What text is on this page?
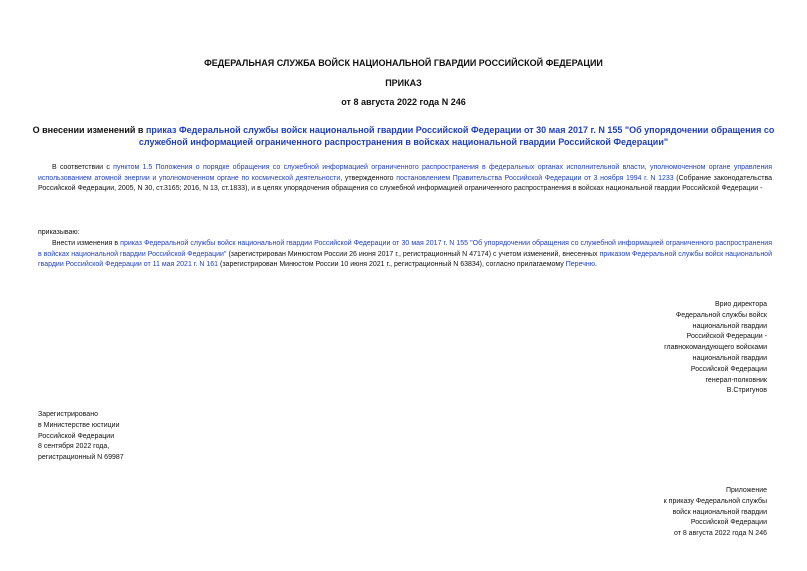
ФЕДЕРАЛЬНАЯ СЛУЖБА ВОЙСК НАЦИОНАЛЬНОЙ ГВАРДИИ РОССИЙСКОЙ ФЕДЕРАЦИИ
ПРИКАЗ
от 8 августа 2022 года N 246
О внесении изменений в приказ Федеральной службы войск национальной гвардии Российской Федерации от 30 мая 2017 г. N 155 "Об упорядочении обращения со служебной информацией ограниченного распространения в войсках национальной гвардии Российской Федерации"
В соответствии с пунктом 1.5 Положения о порядке обращения со служебной информацией ограниченного распространения в федеральных органах исполнительной власти, уполномоченном органе управления использованием атомной энергии и уполномоченном органе по космической деятельности, утвержденного постановлением Правительства Российской Федерации от 3 ноября 1994 г. N 1233 (Собрание законодательства Российской Федерации, 2005, N 30, ст.3165; 2016, N 13, ст.1833), и в целях упорядочения обращения со служебной информацией ограниченного распространения в войсках национальной гвардии Российской Федерации -
приказываю:
Внести изменения в приказ Федеральной службы войск национальной гвардии Российской Федерации от 30 мая 2017 г. N 155 "Об упорядочении обращения со служебной информацией ограниченного распространения в войсках национальной гвардии Российской Федерации" (зарегистрирован Минюстом России 26 июня 2017 г., регистрационный N 47174) с учетом изменений, внесенных приказом Федеральной службы войск национальной гвардии Российской Федерации от 11 мая 2021 г. N 161 (зарегистрирован Минюстом России 10 июня 2021 г., регистрационный N 63834), согласно прилагаемому Перечню.
Врио директора
Федеральной службы войск
национальной гвардии
Российской Федерации -
главнокомандующего войсками
национальной гвардии
Российской Федерации
генерал-полковник
В.Стригунов
Зарегистрировано
в Министерстве юстиции
Российской Федерации
8 сентября 2022 года,
регистрационный N 69987
Приложение
к приказу Федеральной службы
войск национальной гвардии
Российской Федерации
от 8 августа 2022 года N 246
